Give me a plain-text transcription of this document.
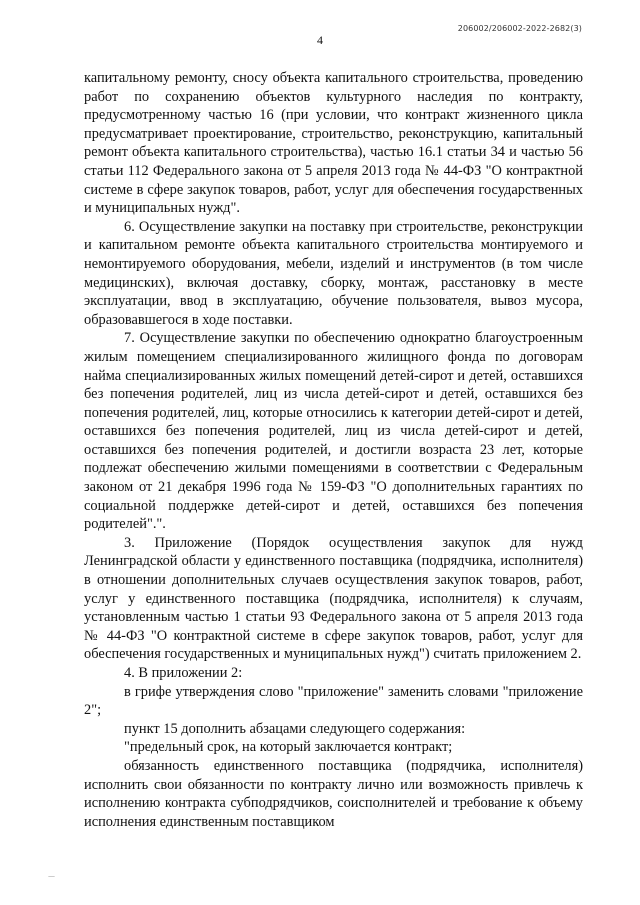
206002/206002-2022-2682(3)
4

капитальному ремонту, сносу объекта капитального строительства, проведению работ по сохранению объектов культурного наследия по контракту, предусмотренному частью 16 (при условии, что контракт жизненного цикла предусматривает проектирование, строительство, реконструкцию, капитальный ремонт объекта капитального строительства), частью 16.1 статьи 34 и частью 56 статьи 112 Федерального закона от 5 апреля 2013 года № 44-ФЗ "О контрактной системе в сфере закупок товаров, работ, услуг для обеспечения государственных и муниципальных нужд".

6. Осуществление закупки на поставку при строительстве, реконструкции и капитальном ремонте объекта капитального строительства монтируемого и немонтируемого оборудования, мебели, изделий и инструментов (в том числе медицинских), включая доставку, сборку, монтаж, расстановку в месте эксплуатации, ввод в эксплуатацию, обучение пользователя, вывоз мусора, образовавшегося в ходе поставки.

7. Осуществление закупки по обеспечению однократно благоустроенным жилым помещением специализированного жилищного фонда по договорам найма специализированных жилых помещений детей-сирот и детей, оставшихся без попечения родителей, лиц из числа детей-сирот и детей, оставшихся без попечения родителей, лиц, которые относились к категории детей-сирот и детей, оставшихся без попечения родителей, лиц из числа детей-сирот и детей, оставшихся без попечения родителей, и достигли возраста 23 лет, которые подлежат обеспечению жилыми помещениями в соответствии с Федеральным законом от 21 декабря 1996 года № 159-ФЗ "О дополнительных гарантиях по социальной поддержке детей-сирот и детей, оставшихся без попечения родителей".".

3. Приложение (Порядок осуществления закупок для нужд Ленинградской области у единственного поставщика (подрядчика, исполнителя) в отношении дополнительных случаев осуществления закупок товаров, работ, услуг у единственного поставщика (подрядчика, исполнителя) к случаям, установленным частью 1 статьи 93 Федерального закона от 5 апреля 2013 года № 44-ФЗ "О контрактной системе в сфере закупок товаров, работ, услуг для обеспечения государственных и муниципальных нужд") считать приложением 2.

4. В приложении 2:

в грифе утверждения слово "приложение" заменить словами "приложение 2";

пункт 15 дополнить абзацами следующего содержания:

"предельный срок, на который заключается контракт;

обязанность единственного поставщика (подрядчика, исполнителя) исполнить свои обязанности по контракту лично или возможность привлечь к исполнению контракта субподрядчиков, соисполнителей и требование к объему исполнения единственным поставщиком

—
